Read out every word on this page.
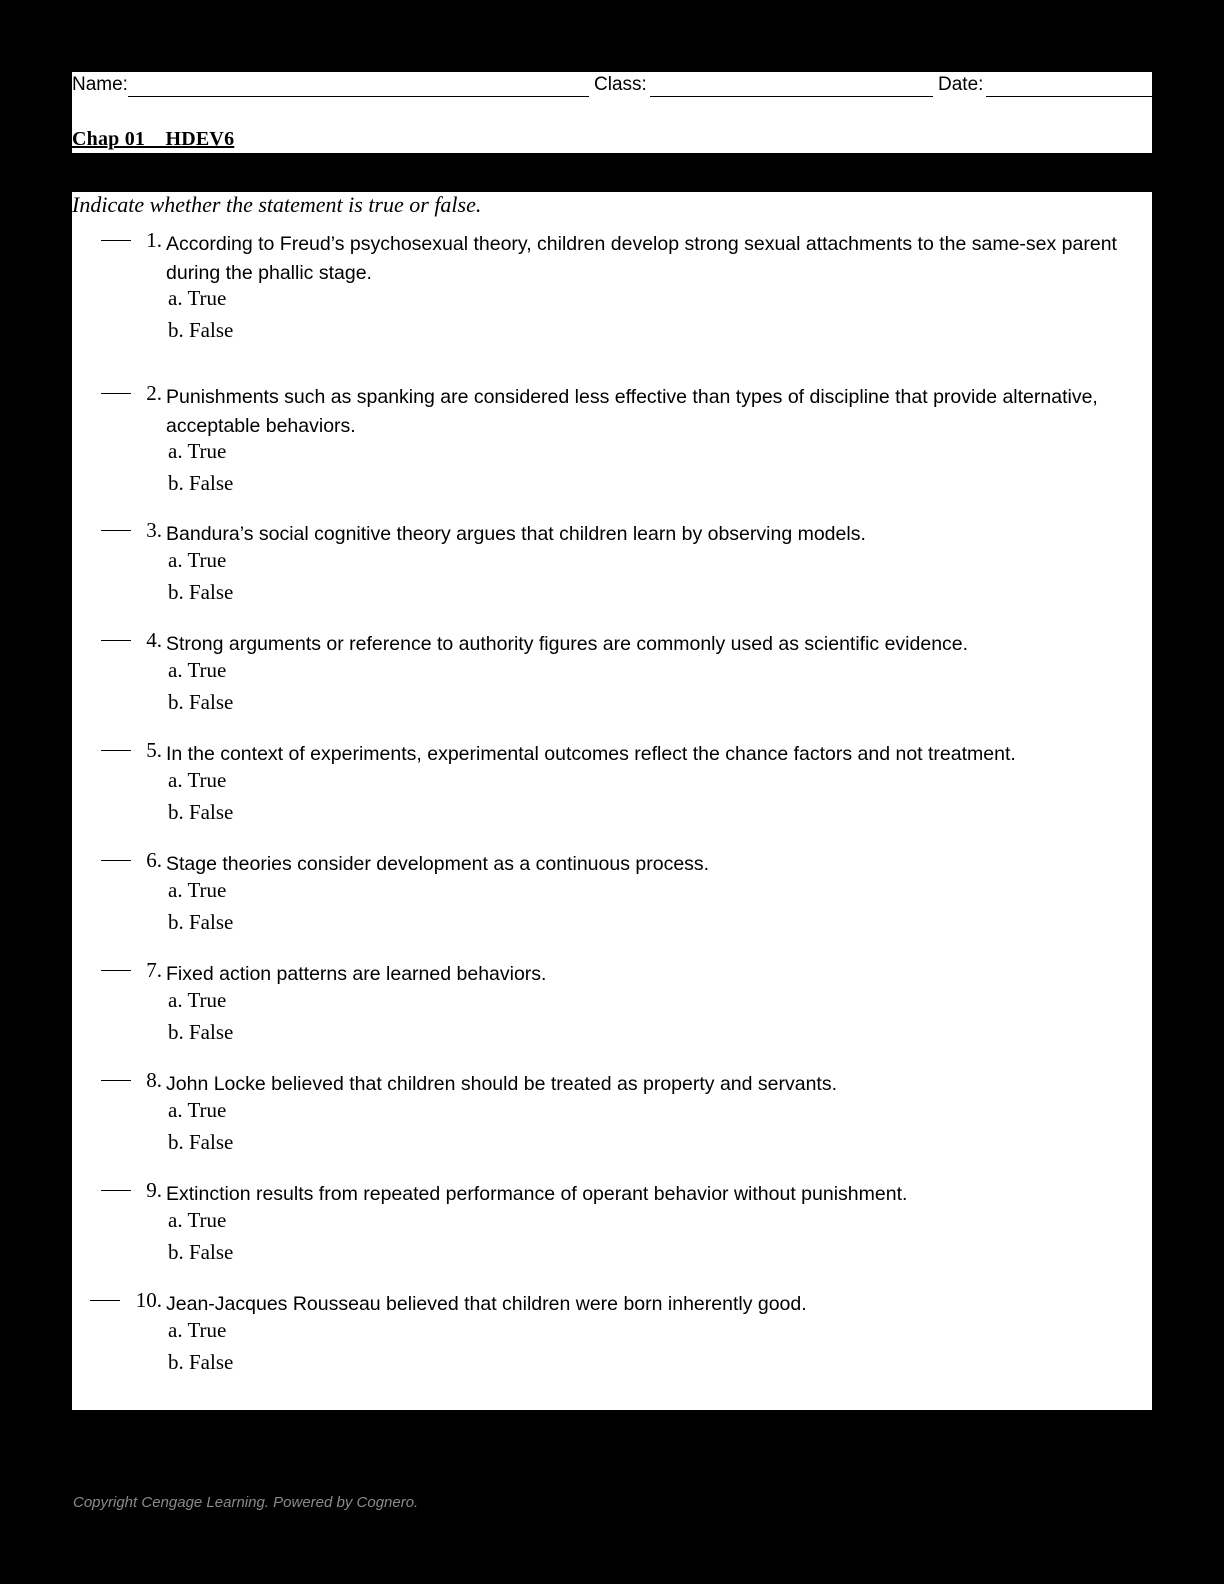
Name:	Class:	Date:
Chap 01__HDEV6
Indicate whether the statement is true or false.
1. According to Freud’s psychosexual theory, children develop strong sexual attachments to the same-sex parent during the phallic stage.
a. True
b. False
2. Punishments such as spanking are considered less effective than types of discipline that provide alternative, acceptable behaviors.
a. True
b. False
3. Bandura’s social cognitive theory argues that children learn by observing models.
a. True
b. False
4. Strong arguments or reference to authority figures are commonly used as scientific evidence.
a. True
b. False
5. In the context of experiments, experimental outcomes reflect the chance factors and not treatment.
a. True
b. False
6. Stage theories consider development as a continuous process.
a. True
b. False
7. Fixed action patterns are learned behaviors.
a. True
b. False
8. John Locke believed that children should be treated as property and servants.
a. True
b. False
9. Extinction results from repeated performance of operant behavior without punishment.
a. True
b. False
10. Jean-Jacques Rousseau believed that children were born inherently good.
a. True
b. False
Copyright Cengage Learning. Powered by Cognero.
